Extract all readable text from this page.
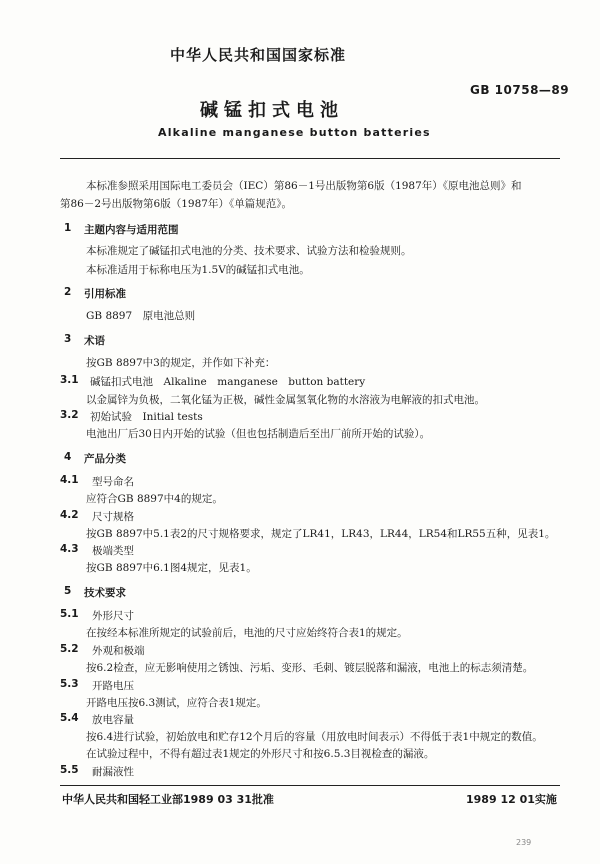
中华人民共和国国家标准
GB 10758—89
碱锰扣式电池
Alkaline manganese button batteries
本标准参照采用国际电工委员会（IEC）第86－1号出版物第6版（1987年）《原电池总则》和
第86－2号出版物第6版（1987年）《单篇规范》。
1 主题内容与适用范围
本标准规定了碱锰扣式电池的分类、技术要求、试验方法和检验规则。
本标准适用于标称电压为1.5V的碱锰扣式电池。
2 引用标准
GB 8897　原电池总则
3 术语
按GB 8897中3的规定，并作如下补充：
3.1 碱锰扣式电池　Alkaline　manganese　button battery
以金属锌为负极，二氧化锰为正极，碱性金属氢氧化物的水溶液为电解液的扣式电池。
3.2 初始试验　Initial tests
电池出厂后30日内开始的试验（但也包括制造后至出厂前所开始的试验）。
4 产品分类
4.1 型号命名
应符合GB 8897中4的规定。
4.2 尺寸规格
按GB 8897中5.1表2的尺寸规格要求，规定了LR41，LR43，LR44，LR54和LR55五种，见表1。
4.3 极端类型
按GB 8897中6.1图4规定，见表1。
5 技术要求
5.1 外形尺寸
在按经本标准所规定的试验前后，电池的尺寸应始终符合表1的规定。
5.2 外观和极端
按6.2检查，应无影响使用之锈蚀、污垢、变形、毛刺、镀层脱落和漏液，电池上的标志须清楚。
5.3 开路电压
开路电压按6.3测试，应符合表1规定。
5.4 放电容量
按6.4进行试验，初始放电和贮存12个月后的容量（用放电时间表示）不得低于表1中规定的数值。
在试验过程中，不得有超过表1规定的外形尺寸和按6.5.3目视检查的漏液。
5.5 耐漏液性
中华人民共和国轻工业部1989 03 31批准	1989 12 01实施
239
